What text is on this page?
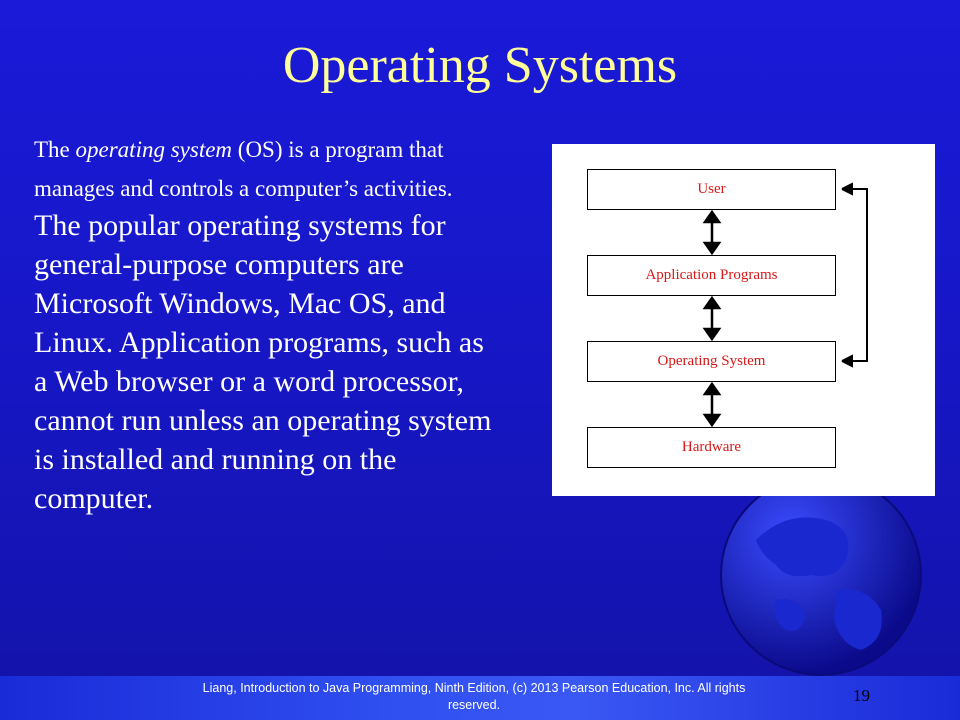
Operating Systems
The operating system (OS) is a program that manages and controls a computer’s activities. The popular operating systems for general-purpose computers are Microsoft Windows, Mac OS, and Linux. Application programs, such as a Web browser or a word processor, cannot run unless an operating system is installed and running on the computer.
User
Application Programs
Operating System
Hardware
Liang, Introduction to Java Programming, Ninth Edition, (c) 2013 Pearson Education, Inc. All rights reserved.	19
